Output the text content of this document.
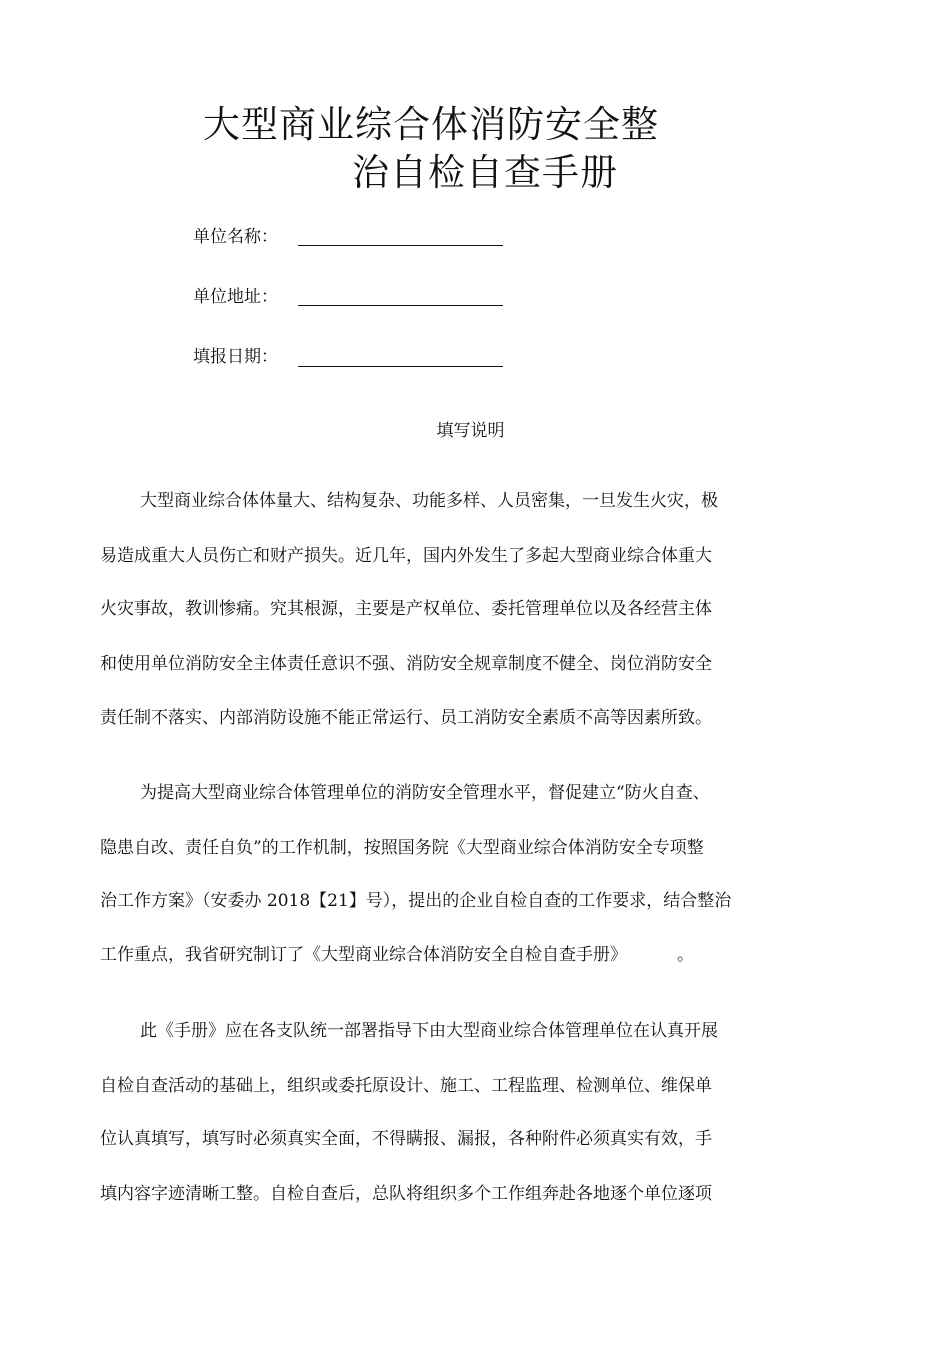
大型商业综合体消防安全整
治自检自查手册
单位名称：
单位地址：
填报日期：
填写说明
大型商业综合体体量大、结构复杂、功能多样、人员密集，一旦发生火灾，极
易造成重大人员伤亡和财产损失。近几年，国内外发生了多起大型商业综合体重大
火灾事故，教训惨痛。究其根源，主要是产权单位、委托管理单位以及各经营主体
和使用单位消防安全主体责任意识不强、消防安全规章制度不健全、岗位消防安全
责任制不落实、内部消防设施不能正常运行、员工消防安全素质不高等因素所致。
为提高大型商业综合体管理单位的消防安全管理水平，督促建立“防火自查、
隐患自改、责任自负”的工作机制，按照国务院《大型商业综合体消防安全专项整
治工作方案》（安委办 2018【21】号），提出的企业自检自查的工作要求，结合整治
工作重点，我省研究制订了《大型商业综合体消防安全自检自查手册》	。
此《手册》应在各支队统一部署指导下由大型商业综合体管理单位在认真开展
自检自查活动的基础上，组织或委托原设计、施工、工程监理、检测单位、维保单
位认真填写，填写时必须真实全面，不得瞒报、漏报，各种附件必须真实有效，手
填内容字迹清晰工整。自检自查后，总队将组织多个工作组奔赴各地逐个单位逐项
